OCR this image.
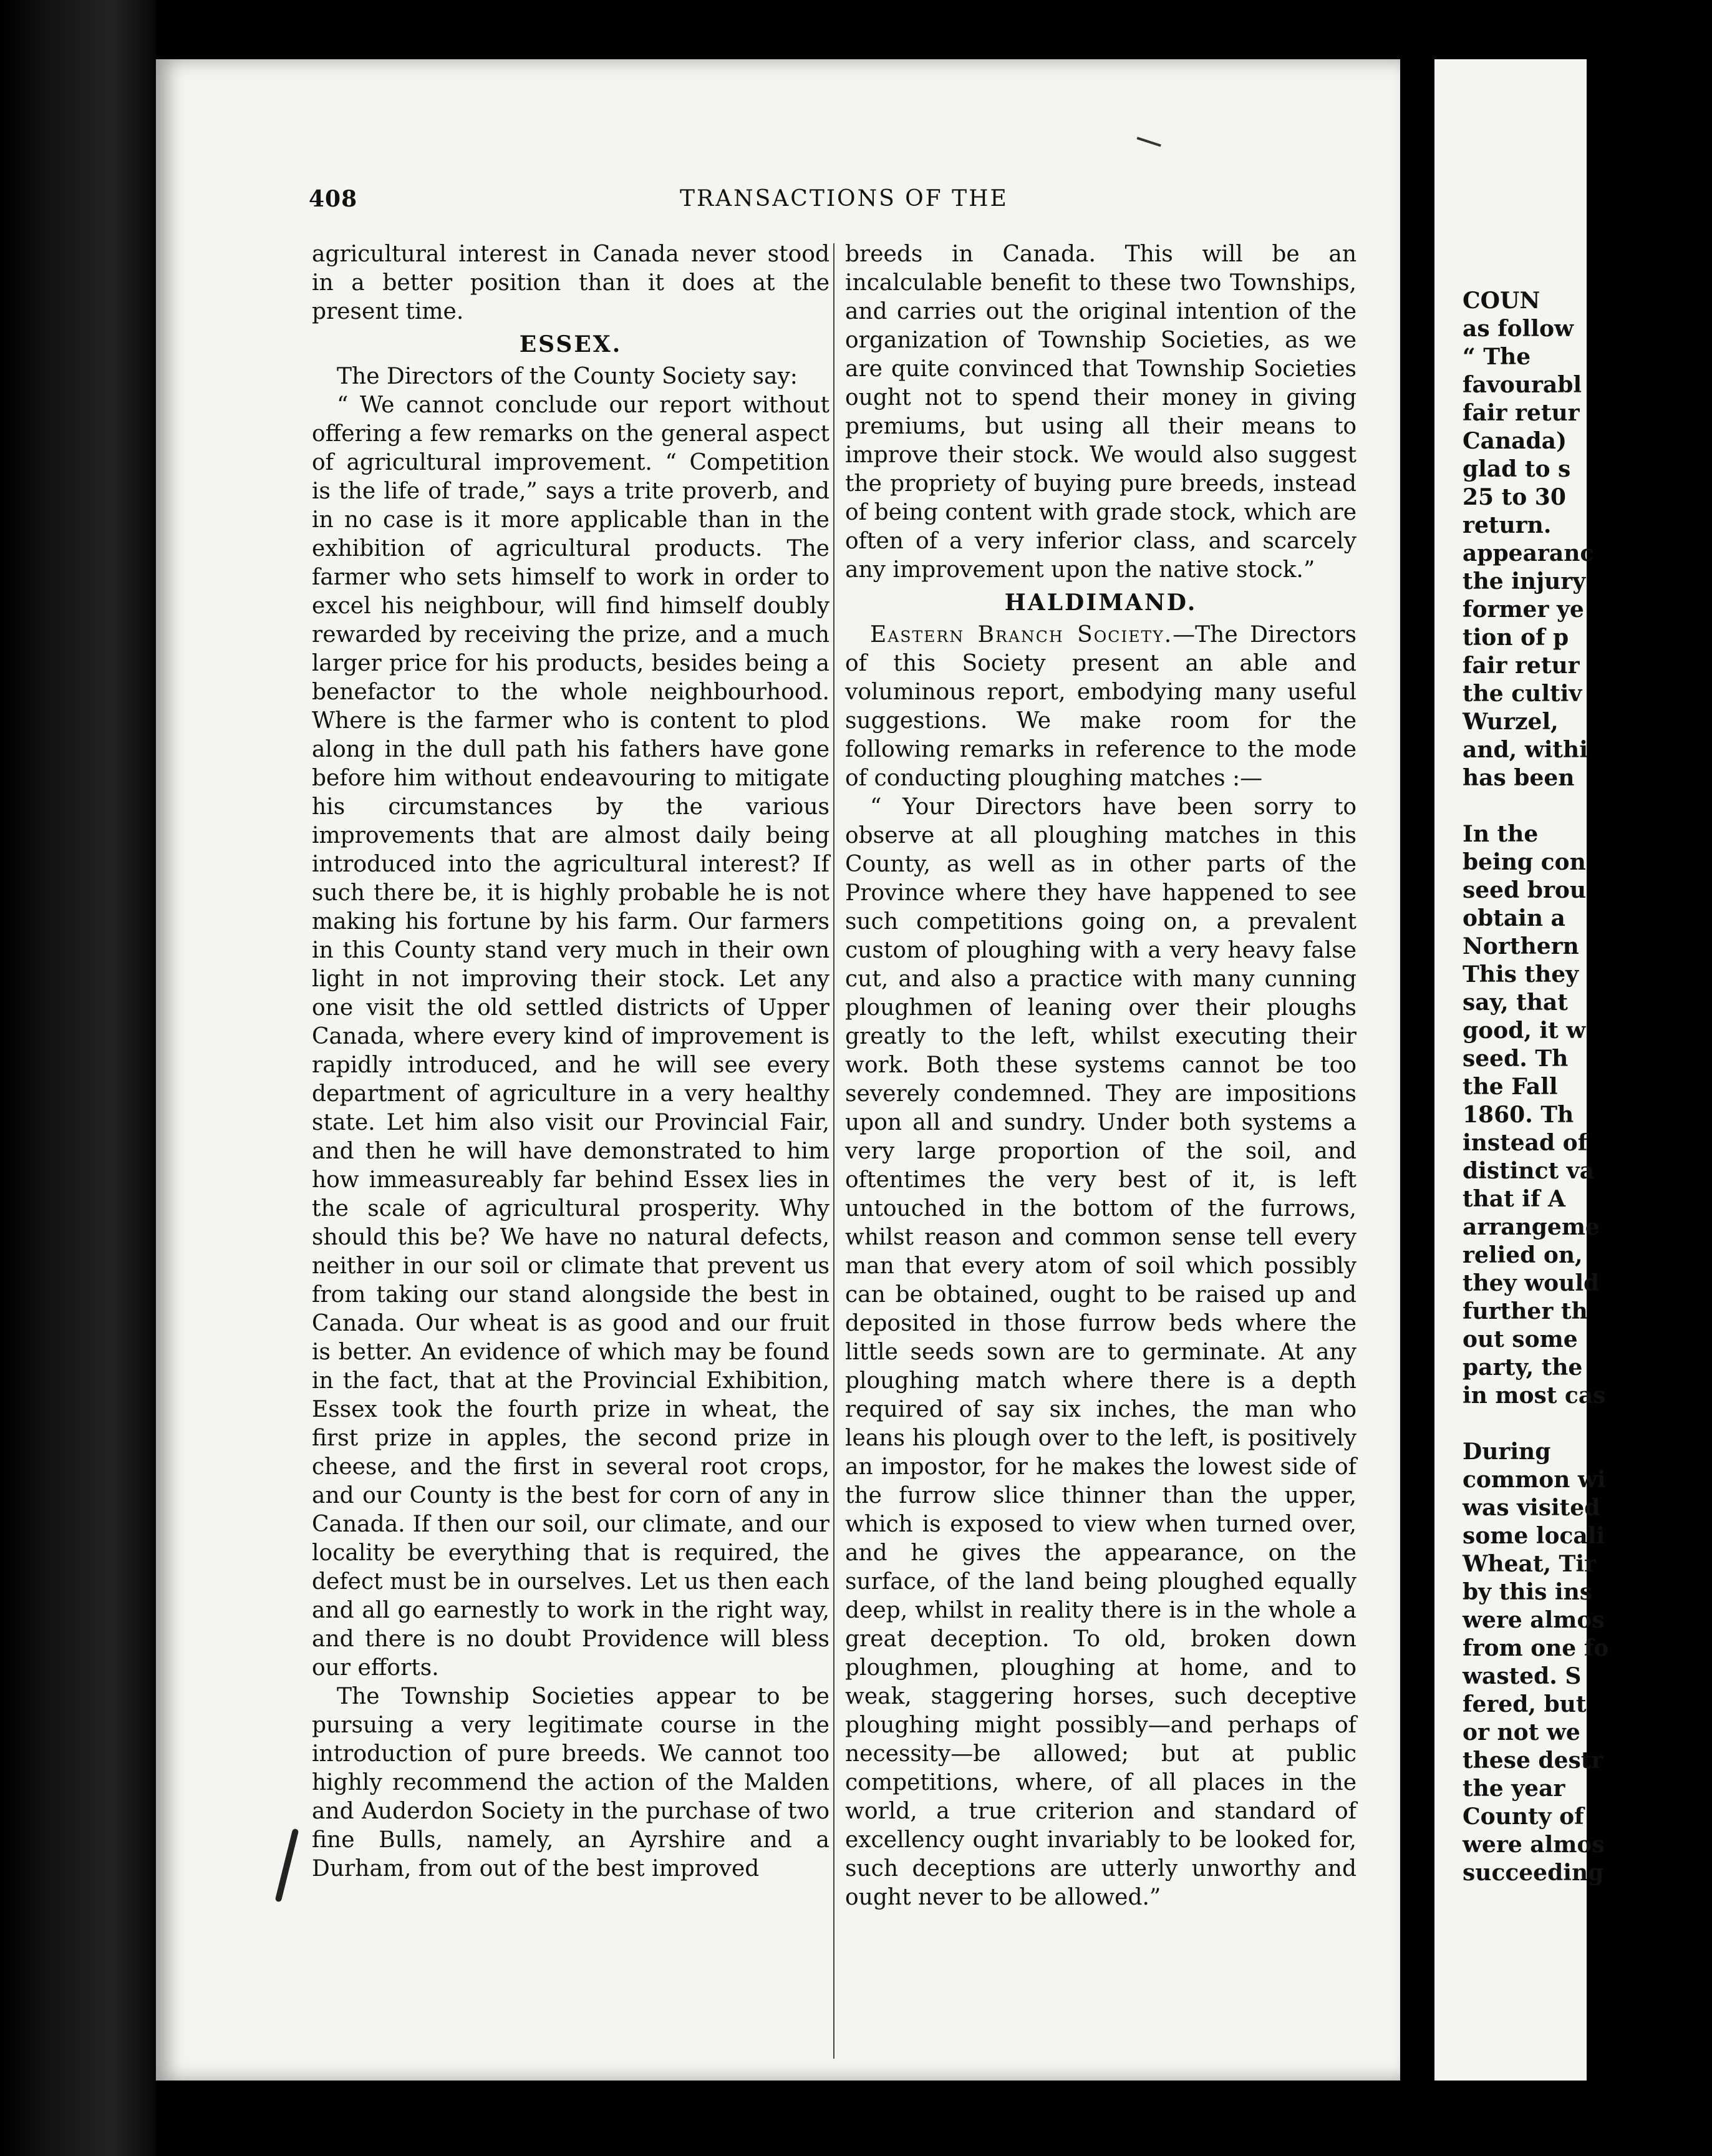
408	TRANSACTIONS OF THE

agricultural interest in Canada never stood in a better position than it does at the present time.

ESSEX.

The Directors of the County Society say:

“ We cannot conclude our report without offering a few remarks on the general aspect of agricultural improvement. “ Competition is the life of trade,” says a trite proverb, and in no case is it more applicable than in the exhibition of agricultural products. The farmer who sets himself to work in order to excel his neighbour, will find himself doubly rewarded by receiving the prize, and a much larger price for his products, besides being a benefactor to the whole neighbourhood. Where is the farmer who is content to plod along in the dull path his fathers have gone before him without endeavouring to mitigate his circumstances by the various improvements that are almost daily being introduced into the agricultural interest? If such there be, it is highly probable he is not making his fortune by his farm. Our farmers in this County stand very much in their own light in not improving their stock. Let any one visit the old settled districts of Upper Canada, where every kind of improvement is rapidly introduced, and he will see every department of agriculture in a very healthy state. Let him also visit our Provincial Fair, and then he will have demonstrated to him how immeasureably far behind Essex lies in the scale of agricultural prosperity. Why should this be? We have no natural defects, neither in our soil or climate that prevent us from taking our stand alongside the best in Canada. Our wheat is as good and our fruit is better. An evidence of which may be found in the fact, that at the Provincial Exhibition, Essex took the fourth prize in wheat, the first prize in apples, the second prize in cheese, and the first in several root crops, and our County is the best for corn of any in Canada. If then our soil, our climate, and our locality be everything that is required, the defect must be in ourselves. Let us then each and all go earnestly to work in the right way, and there is no doubt Providence will bless our efforts.

The Township Societies appear to be pursuing a very legitimate course in the introduction of pure breeds. We cannot too highly recommend the action of the Malden and Auderdon Society in the purchase of two fine Bulls, namely, an Ayrshire and a Durham, from out of the best improved

breeds in Canada. This will be an incalculable benefit to these two Townships, and carries out the original intention of the organization of Township Societies, as we are quite convinced that Township Societies ought not to spend their money in giving premiums, but using all their means to improve their stock. We would also suggest the propriety of buying pure breeds, instead of being content with grade stock, which are often of a very inferior class, and scarcely any improvement upon the native stock.”

HALDIMAND.

Eastern Branch Society.—The Directors of this Society present an able and voluminous report, embodying many useful suggestions. We make room for the following remarks in reference to the mode of conducting ploughing matches :—

“ Your Directors have been sorry to observe at all ploughing matches in this County, as well as in other parts of the Province where they have happened to see such competitions going on, a prevalent custom of ploughing with a very heavy false cut, and also a practice with many cunning ploughmen of leaning over their ploughs greatly to the left, whilst executing their work. Both these systems cannot be too severely condemned. They are impositions upon all and sundry. Under both systems a very large proportion of the soil, and oftentimes the very best of it, is left untouched in the bottom of the furrows, whilst reason and common sense tell every man that every atom of soil which possibly can be obtained, ought to be raised up and deposited in those furrow beds where the little seeds sown are to germinate. At any ploughing match where there is a depth required of say six inches, the man who leans his plough over to the left, is positively an impostor, for he makes the lowest side of the furrow slice thinner than the upper, which is exposed to view when turned over, and he gives the appearance, on the surface, of the land being ploughed equally deep, whilst in reality there is in the whole a great deception. To old, broken down ploughmen, ploughing at home, and to weak, staggering horses, such deceptive ploughing might possibly—and perhaps of necessity—be allowed; but at public competitions, where, of all places in the world, a true criterion and standard of excellency ought invariably to be looked for, such deceptions are utterly unworthy and ought never to be allowed.”

COUN
as follow
“ The
favourabl
fair retur
Canada)
glad to s
25 to 30
return.
appearanc
the injury
former ye
tion of p
fair retur
the cultiv
Wurzel,
and, withi
has been

In the
being con
seed brou
obtain a
Northern
This they
say, that
good, it w
seed. Th
the Fall
1860. Th
instead of
distinct va
that if A
arrangeme
relied on,
they would
further th
out some
party, the
in most cas

During
common wi
was visited
some locali
Wheat, Tir
by this ins
were almos
from one fo
wasted. S
fered, but
or not we
these destr
the year
County of
were almos
succeeding
